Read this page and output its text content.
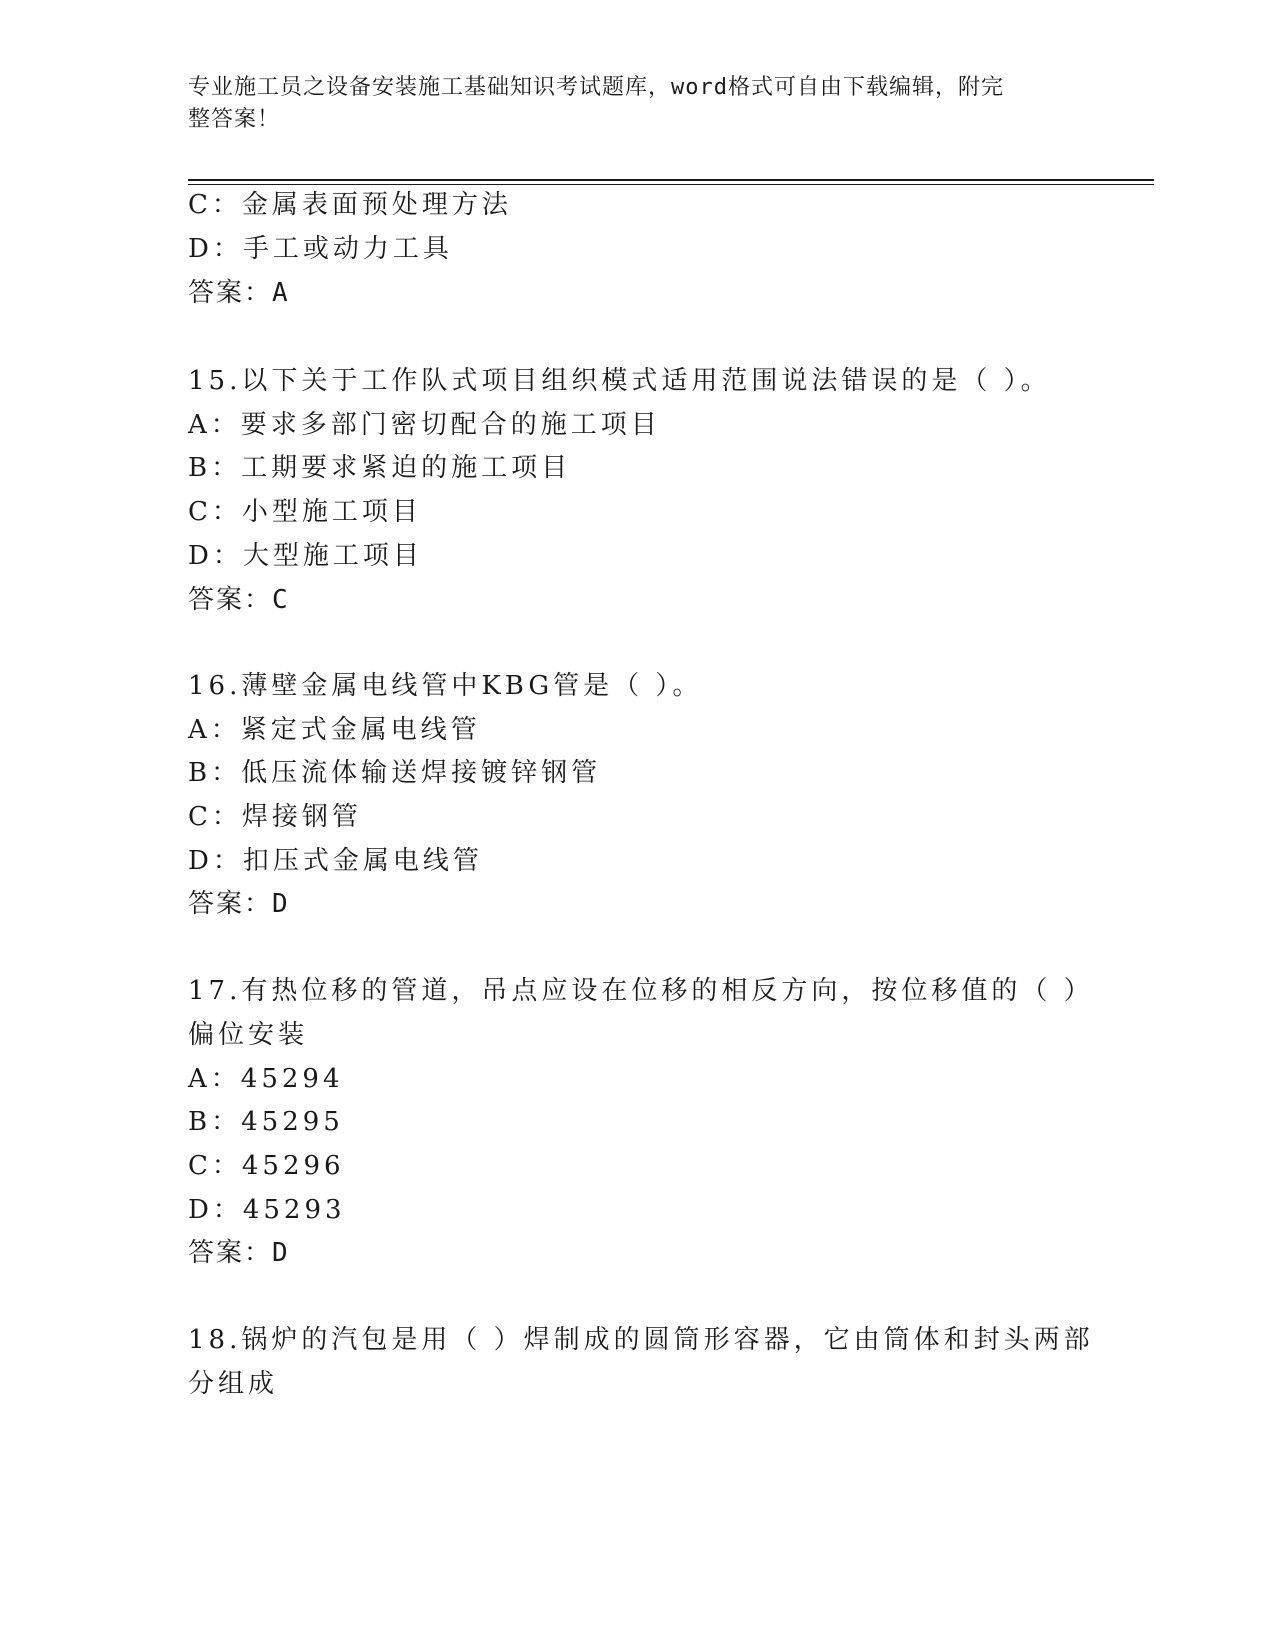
专业施工员之设备安装施工基础知识考试题库，word格式可自由下载编辑，附完
整答案！
C：金属表面预处理方法
D：手工或动力工具
答案：A
15.以下关于工作队式项目组织模式适用范围说法错误的是（ ）。
A：要求多部门密切配合的施工项目
B：工期要求紧迫的施工项目
C：小型施工项目
D：大型施工项目
答案：C
16.薄壁金属电线管中KBG管是（ ）。
A：紧定式金属电线管
B：低压流体输送焊接镀锌钢管
C：焊接钢管
D：扣压式金属电线管
答案：D
17.有热位移的管道，吊点应设在位移的相反方向，按位移值的（ ）
偏位安装
A：45294
B：45295
C：45296
D：45293
答案：D
18.锅炉的汽包是用（ ）焊制成的圆筒形容器，它由筒体和封头两部
分组成
